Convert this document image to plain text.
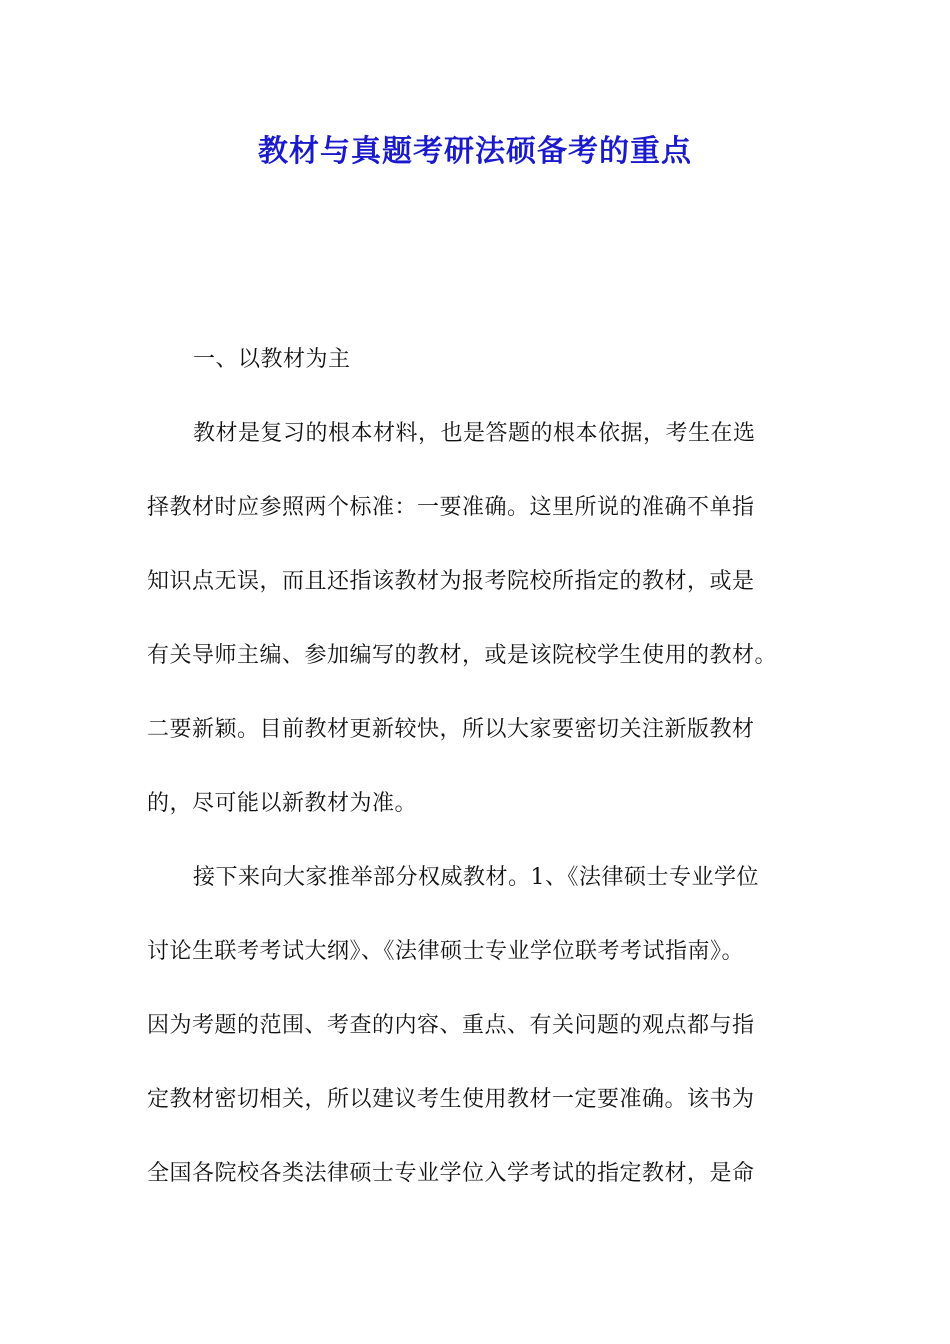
教材与真题考研法硕备考的重点

一、以教材为主

教材是复习的根本材料，也是答题的根本依据，考生在选

择教材时应参照两个标准：一要准确。这里所说的准确不单指

知识点无误，而且还指该教材为报考院校所指定的教材，或是

有关导师主编、参加编写的教材，或是该院校学生使用的教材。

二要新颖。目前教材更新较快，所以大家要密切关注新版教材

的，尽可能以新教材为准。

接下来向大家推举部分权威教材。1、《法律硕士专业学位

讨论生联考考试大纲》、《法律硕士专业学位联考考试指南》。

因为考题的范围、考查的内容、重点、有关问题的观点都与指

定教材密切相关，所以建议考生使用教材一定要准确。该书为

全国各院校各类法律硕士专业学位入学考试的指定教材，是命
